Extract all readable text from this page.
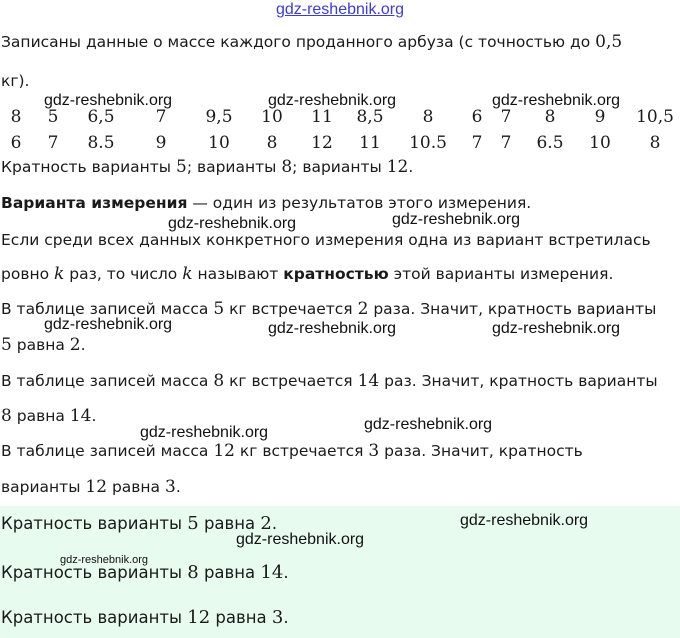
gdz-reshebnik.org
Записаны данные о массе каждого проданного арбуза (с точностью до 0,5
кг).
8 5 6,5 7 9,5 10 11 8,5 8 6 7 8 9 10,5
6 7 8.5 9 10 8 12 11 10.5 7 7 6.5 10 8
Кратность варианты 5; варианты 8; варианты 12.
Варианта измерения — один из результатов этого измерения.
Если среди всех данных конкретного измерения одна из вариант встретилась
ровно k раз, то число k называют кратностью этой варианты измерения.
В таблице записей масса 5 кг встречается 2 раза. Значит, кратность варианты
5 равна 2.
В таблице записей масса 8 кг встречается 14 раз. Значит, кратность варианты
8 равна 14.
В таблице записей масса 12 кг встречается 3 раза. Значит, кратность
варианты 12 равна 3.
Кратность варианты 5 равна 2.
Кратность варианты 8 равна 14.
Кратность варианты 12 равна 3.
gdz-reshebnik.org	gdz-reshebnik.org	gdz-reshebnik.org
gdz-reshebnik.org	gdz-reshebnik.org
gdz-reshebnik.org	gdz-reshebnik.org	gdz-reshebnik.org
gdz-reshebnik.org
gdz-reshebnik.org
gdz-reshebnik.org
gdz-reshebnik.org
gdz-reshebnik.org
